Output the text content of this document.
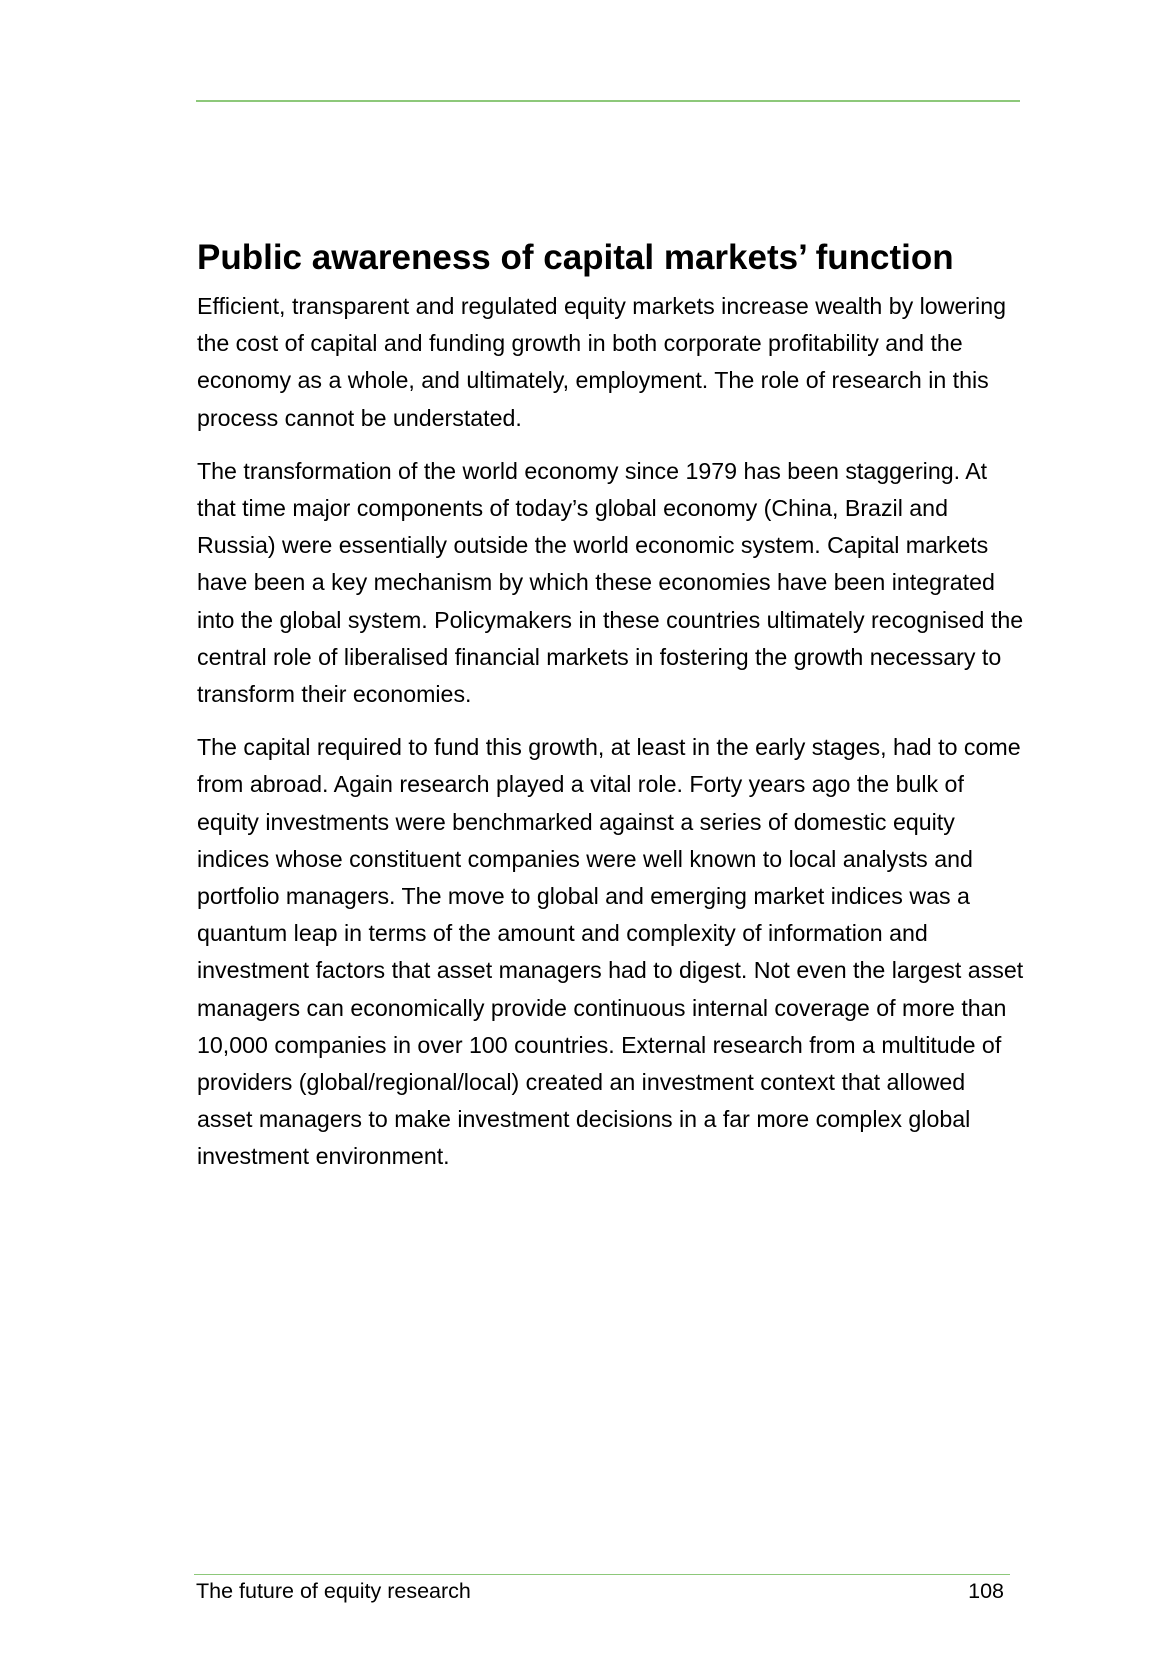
Public awareness of capital markets’ function

Efficient, transparent and regulated equity markets increase wealth by lowering the cost of capital and funding growth in both corporate profitability and the economy as a whole, and ultimately, employment. The role of research in this process cannot be understated.

The transformation of the world economy since 1979 has been staggering. At that time major components of today’s global economy (China, Brazil and Russia) were essentially outside the world economic system. Capital markets have been a key mechanism by which these economies have been integrated into the global system. Policymakers in these countries ultimately recognised the central role of liberalised financial markets in fostering the growth necessary to transform their economies.

The capital required to fund this growth, at least in the early stages, had to come from abroad. Again research played a vital role. Forty years ago the bulk of equity investments were benchmarked against a series of domestic equity indices whose constituent companies were well known to local analysts and portfolio managers. The move to global and emerging market indices was a quantum leap in terms of the amount and complexity of information and investment factors that asset managers had to digest. Not even the largest asset managers can economically provide continuous internal coverage of more than 10,000 companies in over 100 countries. External research from a multitude of providers (global/regional/local) created an investment context that allowed asset managers to make investment decisions in a far more complex global investment environment.

The future of equity research	108
